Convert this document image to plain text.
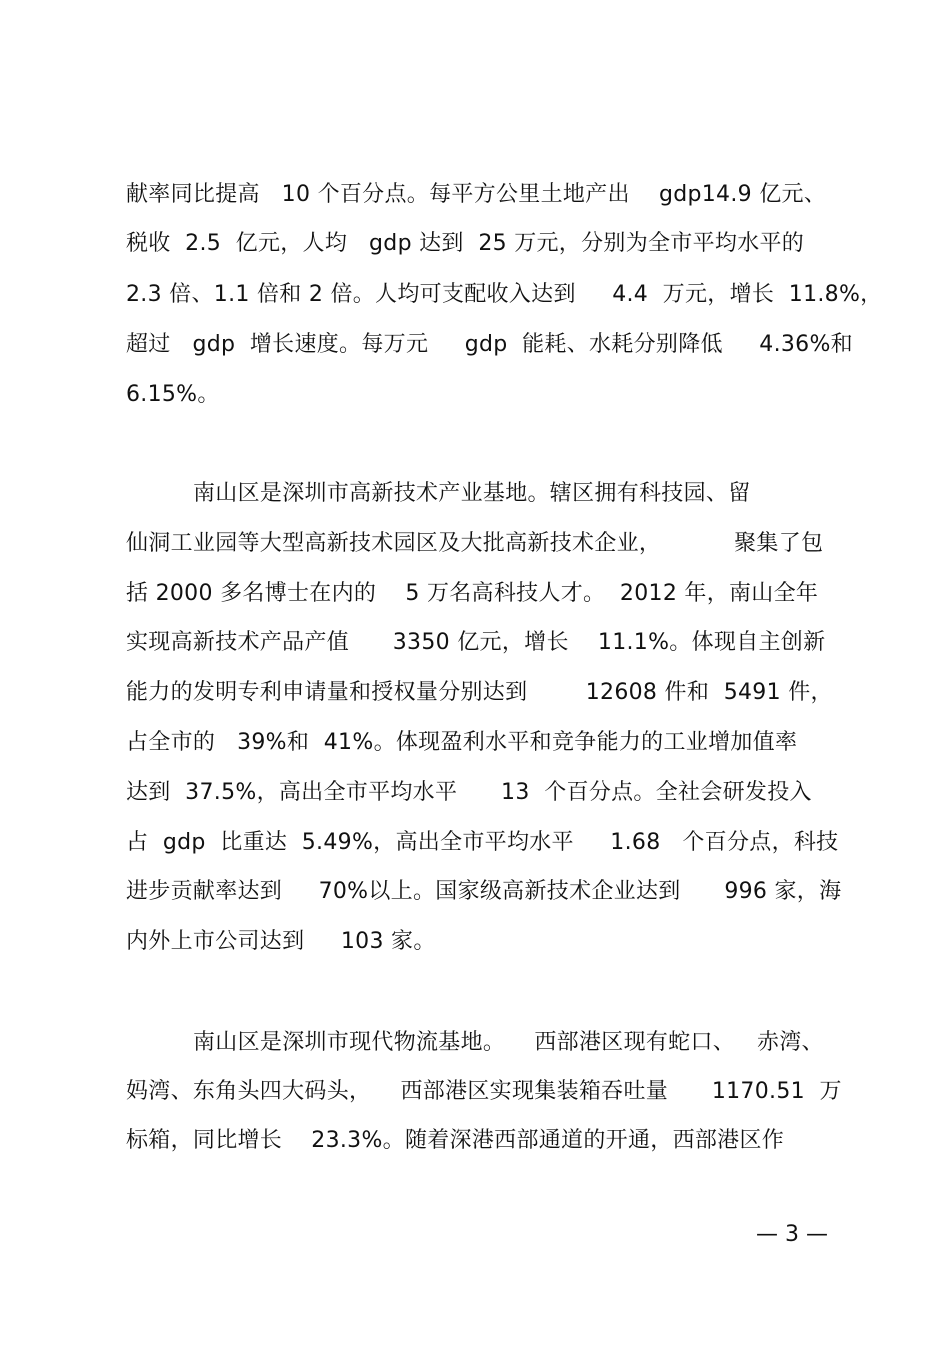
献率同比提高   10 个百分点。每平方公里土地产出    gdp14.9 亿元、
税收  2.5  亿元，人均   gdp 达到  25 万元，分别为全市平均水平的
2.3 倍、1.1 倍和 2 倍。人均可支配收入达到     4.4  万元，增长  11.8%，
超过   gdp  增长速度。每万元     gdp  能耗、水耗分别降低     4.36%和
6.15%。
南山区是深圳市高新技术产业基地。辖区拥有科技园、留
仙洞工业园等大型高新技术园区及大批高新技术企业，          聚集了包
括 2000 多名博士在内的    5 万名高科技人才。  2012 年，南山全年
实现高新技术产品产值      3350 亿元，增长    11.1%。体现自主创新
能力的发明专利申请量和授权量分别达到        12608 件和  5491 件，
占全市的   39%和  41%。体现盈利水平和竞争能力的工业增加值率
达到  37.5%，高出全市平均水平      13  个百分点。全社会研发投入
占  gdp  比重达  5.49%，高出全市平均水平     1.68   个百分点，科技
进步贡献率达到     70%以上。国家级高新技术企业达到      996 家，海
内外上市公司达到     103 家。
南山区是深圳市现代物流基地。    西部港区现有蛇口、   赤湾、
妈湾、东角头四大码头，    西部港区实现集装箱吞吐量      1170.51  万
标箱，同比增长    23.3%。随着深港西部通道的开通，西部港区作
— 3 —
